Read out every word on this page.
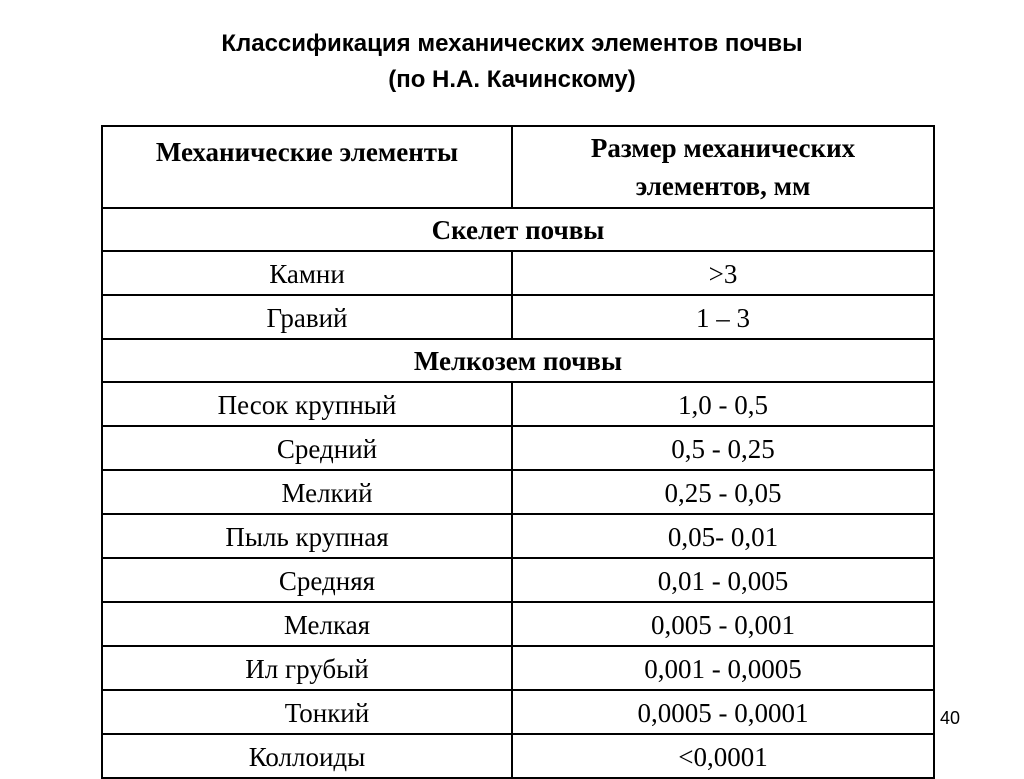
Классификация механических элементов почвы
(по Н.А. Качинскому)
Механические элементы	Размер механических
элементов, мм

Скелет почвы	
Камни	>3
Гравий	1 – 3
Мелкозем почвы	
Песок крупный	1,0 - 0,5
Средний	0,5 - 0,25
Мелкий	0,25 - 0,05
Пыль крупная	0,05- 0,01
Средняя	0,01 - 0,005
Мелкая	0,005 - 0,001
Ил грубый	0,001 - 0,0005
Тонкий	0,0005 - 0,0001
Коллоиды	<0,0001
40
